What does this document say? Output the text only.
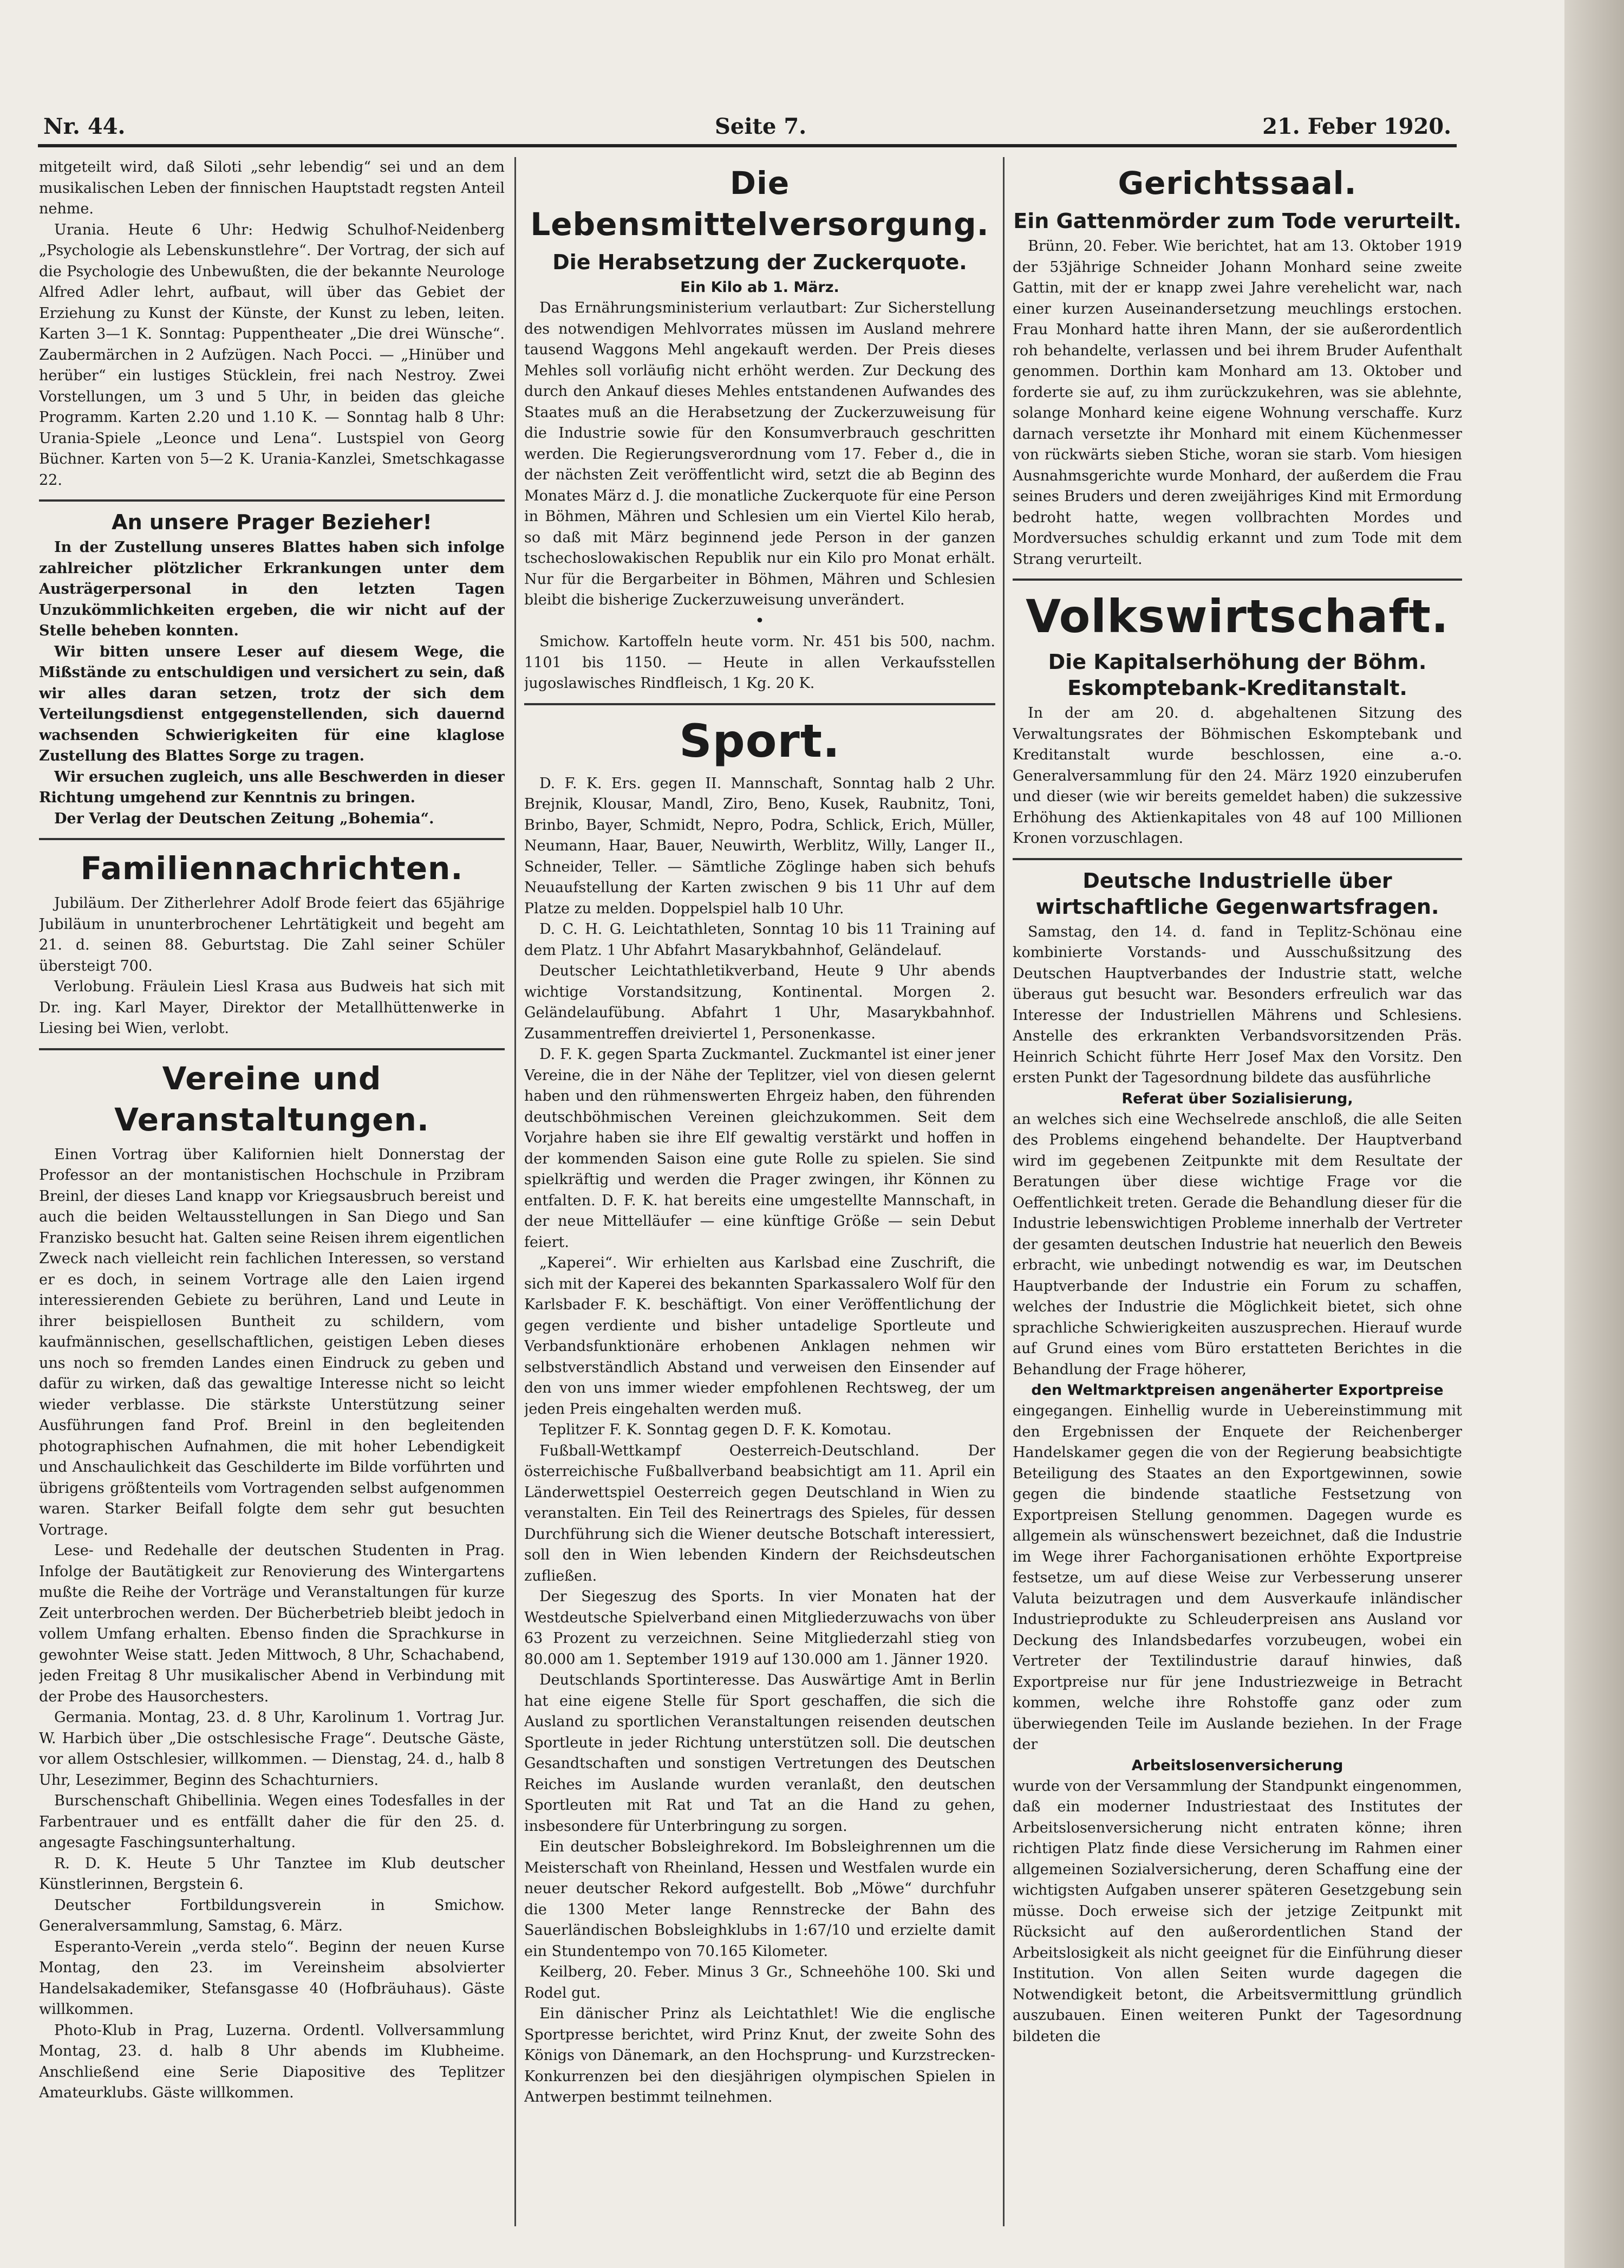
Nr. 44.	Seite 7.	21. Feber 1920.

mitgeteilt wird, daß Siloti „sehr lebendig“ sei und an dem musikalischen Leben der finnischen Hauptstadt regsten Anteil nehme.

Urania. Heute 6 Uhr: Hedwig Schulhof-Neidenberg „Psychologie als Lebenskunstlehre“. Der Vortrag, der sich auf die Psychologie des Unbewußten, die der bekannte Neurologe Alfred Adler lehrt, aufbaut, will über das Gebiet der Erziehung zu Kunst der Künste, der Kunst zu leben, leiten. Karten 3—1 K. Sonntag: Puppentheater „Die drei Wünsche“. Zaubermärchen in 2 Aufzügen. Nach Pocci. — „Hinüber und herüber“ ein lustiges Stücklein, frei nach Nestroy. Zwei Vorstellungen, um 3 und 5 Uhr, in beiden das gleiche Programm. Karten 2.20 und 1.10 K. — Sonntag halb 8 Uhr: Urania-Spiele „Leonce und Lena“. Lustspiel von Georg Büchner. Karten von 5—2 K. Urania-Kanzlei, Smetschkagasse 22.

An unsere Prager Bezieher!

In der Zustellung unseres Blattes haben sich infolge zahlreicher plötzlicher Erkrankungen unter dem Austrägerpersonal in den letzten Tagen Unzukömmlichkeiten ergeben, die wir nicht auf der Stelle beheben konnten.

Wir bitten unsere Leser auf diesem Wege, die Mißstände zu entschuldigen und versichert zu sein, daß wir alles daran setzen, trotz der sich dem Verteilungsdienst entgegenstellenden, sich dauernd wachsenden Schwierigkeiten für eine klaglose Zustellung des Blattes Sorge zu tragen.

Wir ersuchen zugleich, uns alle Beschwerden in dieser Richtung umgehend zur Kenntnis zu bringen.

Der Verlag der Deutschen Zeitung „Bohemia“.

Familiennachrichten.

Jubiläum. Der Zitherlehrer Adolf Brode feiert das 65jährige Jubiläum in ununterbrochener Lehrtätigkeit und begeht am 21. d. seinen 88. Geburtstag. Die Zahl seiner Schüler übersteigt 700.

Verlobung. Fräulein Liesl Krasa aus Budweis hat sich mit Dr. ing. Karl Mayer, Direktor der Metallhüttenwerke in Liesing bei Wien, verlobt.

Vereine und Veranstaltungen.

Einen Vortrag über Kalifornien hielt Donnerstag der Professor an der montanistischen Hochschule in Przibram Breinl, der dieses Land knapp vor Kriegsausbruch bereist und auch die beiden Weltausstellungen in San Diego und San Franzisko besucht hat. Galten seine Reisen ihrem eigentlichen Zweck nach vielleicht rein fachlichen Interessen, so verstand er es doch, in seinem Vortrage alle den Laien irgend interessierenden Gebiete zu berühren, Land und Leute in ihrer beispiellosen Buntheit zu schildern, vom kaufmännischen, gesellschaftlichen, geistigen Leben dieses uns noch so fremden Landes einen Eindruck zu geben und dafür zu wirken, daß das gewaltige Interesse nicht so leicht wieder verblasse. Die stärkste Unterstützung seiner Ausführungen fand Prof. Breinl in den begleitenden photographischen Aufnahmen, die mit hoher Lebendigkeit und Anschaulichkeit das Geschilderte im Bilde vorführten und übrigens größtenteils vom Vortragenden selbst aufgenommen waren. Starker Beifall folgte dem sehr gut besuchten Vortrage.

Lese- und Redehalle der deutschen Studenten in Prag. Infolge der Bautätigkeit zur Renovierung des Wintergartens mußte die Reihe der Vorträge und Veranstaltungen für kurze Zeit unterbrochen werden. Der Bücherbetrieb bleibt jedoch in vollem Umfang erhalten. Ebenso finden die Sprachkurse in gewohnter Weise statt. Jeden Mittwoch, 8 Uhr, Schachabend, jeden Freitag 8 Uhr musikalischer Abend in Verbindung mit der Probe des Hausorchesters.

Germania. Montag, 23. d. 8 Uhr, Karolinum 1. Vortrag Jur. W. Harbich über „Die ostschlesische Frage“. Deutsche Gäste, vor allem Ostschlesier, willkommen. — Dienstag, 24. d., halb 8 Uhr, Lesezimmer, Beginn des Schachturniers.

Burschenschaft Ghibellinia. Wegen eines Todesfalles in der Farbentrauer und es entfällt daher die für den 25. d. angesagte Faschingsunterhaltung.

R. D. K. Heute 5 Uhr Tanztee im Klub deutscher Künstlerinnen, Bergstein 6.

Deutscher Fortbildungsverein in Smichow. Generalversammlung, Samstag, 6. März.

Esperanto-Verein „verda stelo“. Beginn der neuen Kurse Montag, den 23. im Vereinsheim absolvierter Handelsakademiker, Stefansgasse 40 (Hofbräuhaus). Gäste willkommen.

Photo-Klub in Prag, Luzerna. Ordentl. Vollversammlung Montag, 23. d. halb 8 Uhr abends im Klubheime. Anschließend eine Serie Diapositive des Teplitzer Amateurklubs. Gäste willkommen.

Die Lebensmittelversorgung.
Die Herabsetzung der Zuckerquote.
Ein Kilo ab 1. März.

Das Ernährungsministerium verlautbart: Zur Sicherstellung des notwendigen Mehlvorrates müssen im Ausland mehrere tausend Waggons Mehl angekauft werden. Der Preis dieses Mehles soll vorläufig nicht erhöht werden. Zur Deckung des durch den Ankauf dieses Mehles entstandenen Aufwandes des Staates muß an die Herabsetzung der Zuckerzuweisung für die Industrie sowie für den Konsumverbrauch geschritten werden. Die Regierungsverordnung vom 17. Feber d., die in der nächsten Zeit veröffentlicht wird, setzt die ab Beginn des Monates März d. J. die monatliche Zuckerquote für eine Person in Böhmen, Mähren und Schlesien um ein Viertel Kilo herab, so daß mit März beginnend jede Person in der ganzen tschechoslowakischen Republik nur ein Kilo pro Monat erhält. Nur für die Bergarbeiter in Böhmen, Mähren und Schlesien bleibt die bisherige Zuckerzuweisung unverändert.

•

Smichow. Kartoffeln heute vorm. Nr. 451 bis 500, nachm. 1101 bis 1150. — Heute in allen Verkaufsstellen jugoslawisches Rindfleisch, 1 Kg. 20 K.

Sport.

D. F. K. Ers. gegen II. Mannschaft, Sonntag halb 2 Uhr. Brejnik, Klousar, Mandl, Ziro, Beno, Kusek, Raubnitz, Toni, Brinbo, Bayer, Schmidt, Nepro, Podra, Schlick, Erich, Müller, Neumann, Haar, Bauer, Neuwirth, Werblitz, Willy, Langer II., Schneider, Teller. — Sämtliche Zöglinge haben sich behufs Neuaufstellung der Karten zwischen 9 bis 11 Uhr auf dem Platze zu melden. Doppelspiel halb 10 Uhr.

D. C. H. G. Leichtathleten, Sonntag 10 bis 11 Training auf dem Platz. 1 Uhr Abfahrt Masarykbahnhof, Geländelauf.

Deutscher Leichtathletikverband, Heute 9 Uhr abends wichtige Vorstandsitzung, Kontinental. Morgen 2. Geländelaufübung. Abfahrt 1 Uhr, Masarykbahnhof. Zusammentreffen dreiviertel 1, Personenkasse.

D. F. K. gegen Sparta Zuckmantel. Zuckmantel ist einer jener Vereine, die in der Nähe der Teplitzer, viel von diesen gelernt haben und den rühmenswerten Ehrgeiz haben, den führenden deutschböhmischen Vereinen gleichzukommen. Seit dem Vorjahre haben sie ihre Elf gewaltig verstärkt und hoffen in der kommenden Saison eine gute Rolle zu spielen. Sie sind spielkräftig und werden die Prager zwingen, ihr Können zu entfalten. D. F. K. hat bereits eine umgestellte Mannschaft, in der neue Mittelläufer — eine künftige Größe — sein Debut feiert.

„Kaperei“. Wir erhielten aus Karlsbad eine Zuschrift, die sich mit der Kaperei des bekannten Sparkassalero Wolf für den Karlsbader F. K. beschäftigt. Von einer Veröffentlichung der gegen verdiente und bisher untadelige Sportleute und Verbandsfunktionäre erhobenen Anklagen nehmen wir selbstverständlich Abstand und verweisen den Einsender auf den von uns immer wieder empfohlenen Rechtsweg, der um jeden Preis eingehalten werden muß.

Teplitzer F. K. Sonntag gegen D. F. K. Komotau.

Fußball-Wettkampf Oesterreich-Deutschland. Der österreichische Fußballverband beabsichtigt am 11. April ein Länderwettspiel Oesterreich gegen Deutschland in Wien zu veranstalten. Ein Teil des Reinertrags des Spieles, für dessen Durchführung sich die Wiener deutsche Botschaft interessiert, soll den in Wien lebenden Kindern der Reichsdeutschen zufließen.

Der Siegeszug des Sports. In vier Monaten hat der Westdeutsche Spielverband einen Mitgliederzuwachs von über 63 Prozent zu verzeichnen. Seine Mitgliederzahl stieg von 80.000 am 1. September 1919 auf 130.000 am 1. Jänner 1920.

Deutschlands Sportinteresse. Das Auswärtige Amt in Berlin hat eine eigene Stelle für Sport geschaffen, die sich die Ausland zu sportlichen Veranstaltungen reisenden deutschen Sportleute in jeder Richtung unterstützen soll. Die deutschen Gesandtschaften und sonstigen Vertretungen des Deutschen Reiches im Auslande wurden veranlaßt, den deutschen Sportleuten mit Rat und Tat an die Hand zu gehen, insbesondere für Unterbringung zu sorgen.

Ein deutscher Bobsleighrekord. Im Bobsleighrennen um die Meisterschaft von Rheinland, Hessen und Westfalen wurde ein neuer deutscher Rekord aufgestellt. Bob „Möwe“ durchfuhr die 1300 Meter lange Rennstrecke der Bahn des Sauerländischen Bobsleighklubs in 1:67/10 und erzielte damit ein Stundentempo von 70.165 Kilometer.

Keilberg, 20. Feber. Minus 3 Gr., Schneehöhe 100. Ski und Rodel gut.

Ein dänischer Prinz als Leichtathlet! Wie die englische Sportpresse berichtet, wird Prinz Knut, der zweite Sohn des Königs von Dänemark, an den Hochsprung- und Kurzstrecken-Konkurrenzen bei den diesjährigen olympischen Spielen in Antwerpen bestimmt teilnehmen.

Gerichtssaal.
Ein Gattenmörder zum Tode verurteilt.

Brünn, 20. Feber. Wie berichtet, hat am 13. Oktober 1919 der 53jährige Schneider Johann Monhard seine zweite Gattin, mit der er knapp zwei Jahre verehelicht war, nach einer kurzen Auseinandersetzung meuchlings erstochen. Frau Monhard hatte ihren Mann, der sie außerordentlich roh behandelte, verlassen und bei ihrem Bruder Aufenthalt genommen. Dorthin kam Monhard am 13. Oktober und forderte sie auf, zu ihm zurückzukehren, was sie ablehnte, solange Monhard keine eigene Wohnung verschaffe. Kurz darnach versetzte ihr Monhard mit einem Küchenmesser von rückwärts sieben Stiche, woran sie starb. Vom hiesigen Ausnahmsgerichte wurde Monhard, der außerdem die Frau seines Bruders und deren zweijähriges Kind mit Ermordung bedroht hatte, wegen vollbrachten Mordes und Mordversuches schuldig erkannt und zum Tode mit dem Strang verurteilt.

Volkswirtschaft.
Die Kapitalserhöhung der Böhm. Eskomptebank-Kreditanstalt.

In der am 20. d. abgehaltenen Sitzung des Verwaltungsrates der Böhmischen Eskomptebank und Kreditanstalt wurde beschlossen, eine a.-o. Generalversammlung für den 24. März 1920 einzuberufen und dieser (wie wir bereits gemeldet haben) die sukzessive Erhöhung des Aktienkapitales von 48 auf 100 Millionen Kronen vorzuschlagen.

Deutsche Industrielle über wirtschaftliche Gegenwartsfragen.

Samstag, den 14. d. fand in Teplitz-Schönau eine kombinierte Vorstands- und Ausschußsitzung des Deutschen Hauptverbandes der Industrie statt, welche überaus gut besucht war. Besonders erfreulich war das Interesse der Industriellen Mährens und Schlesiens. Anstelle des erkrankten Verbandsvorsitzenden Präs. Heinrich Schicht führte Herr Josef Max den Vorsitz. Den ersten Punkt der Tagesordnung bildete das ausführliche

Referat über Sozialisierung,

an welches sich eine Wechselrede anschloß, die alle Seiten des Problems eingehend behandelte. Der Hauptverband wird im gegebenen Zeitpunkte mit dem Resultate der Beratungen über diese wichtige Frage vor die Oeffentlichkeit treten. Gerade die Behandlung dieser für die Industrie lebenswichtigen Probleme innerhalb der Vertreter der gesamten deutschen Industrie hat neuerlich den Beweis erbracht, wie unbedingt notwendig es war, im Deutschen Hauptverbande der Industrie ein Forum zu schaffen, welches der Industrie die Möglichkeit bietet, sich ohne sprachliche Schwierigkeiten auszusprechen. Hierauf wurde auf Grund eines vom Büro erstatteten Berichtes in die Behandlung der Frage höherer,

den Weltmarktpreisen angenäherter Exportpreise

eingegangen. Einhellig wurde in Uebereinstimmung mit den Ergebnissen der Enquete der Reichenberger Handelskamer gegen die von der Regierung beabsichtigte Beteiligung des Staates an den Exportgewinnen, sowie gegen die bindende staatliche Festsetzung von Exportpreisen Stellung genommen. Dagegen wurde es allgemein als wünschenswert bezeichnet, daß die Industrie im Wege ihrer Fachorganisationen erhöhte Exportpreise festsetze, um auf diese Weise zur Verbesserung unserer Valuta beizutragen und dem Ausverkaufe inländischer Industrieprodukte zu Schleuderpreisen ans Ausland vor Deckung des Inlandsbedarfes vorzubeugen, wobei ein Vertreter der Textilindustrie darauf hinwies, daß Exportpreise nur für jene Industriezweige in Betracht kommen, welche ihre Rohstoffe ganz oder zum überwiegenden Teile im Auslande beziehen. In der Frage der

Arbeitslosenversicherung

wurde von der Versammlung der Standpunkt eingenommen, daß ein moderner Industriestaat des Institutes der Arbeitslosenversicherung nicht entraten könne; ihren richtigen Platz finde diese Versicherung im Rahmen einer allgemeinen Sozialversicherung, deren Schaffung eine der wichtigsten Aufgaben unserer späteren Gesetzgebung sein müsse. Doch erweise sich der jetzige Zeitpunkt mit Rücksicht auf den außerordentlichen Stand der Arbeitslosigkeit als nicht geeignet für die Einführung dieser Institution. Von allen Seiten wurde dagegen die Notwendigkeit betont, die Arbeitsvermittlung gründlich auszubauen. Einen weiteren Punkt der Tagesordnung bildeten die
